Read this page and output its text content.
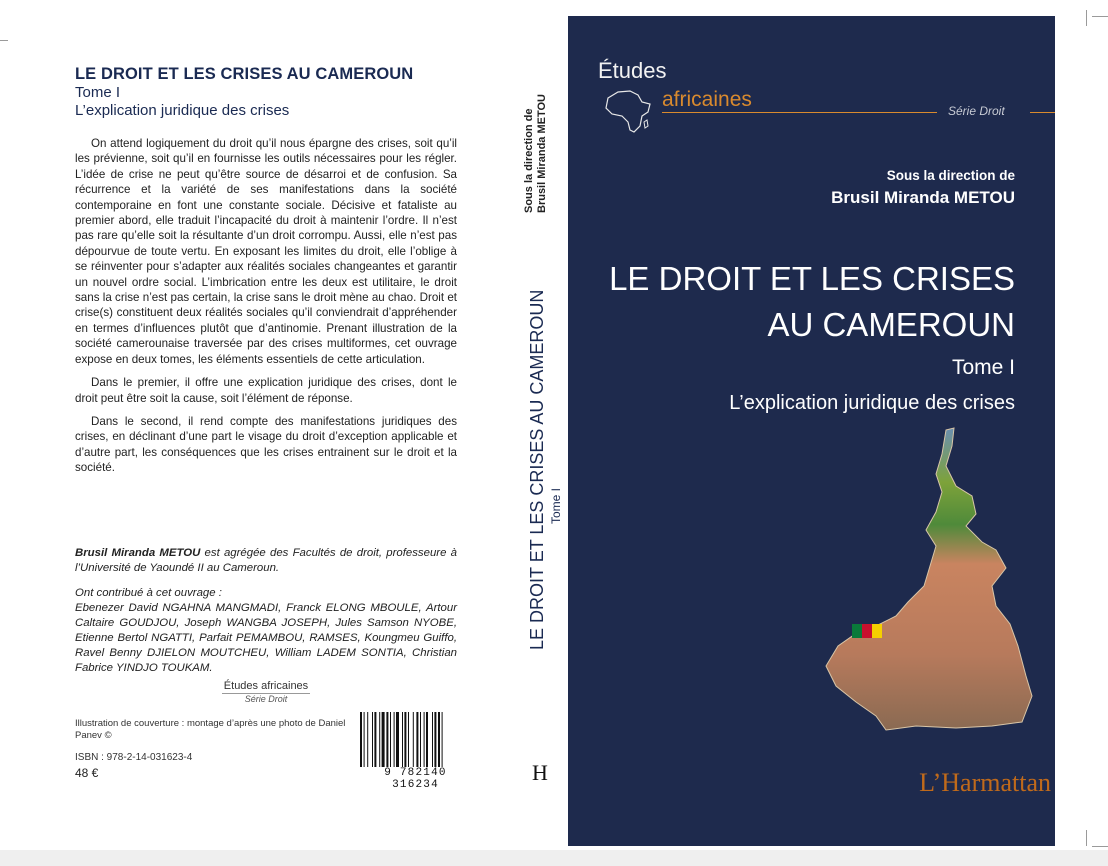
LE DROIT ET LES CRISES AU CAMEROUN
Tome I
L’explication juridique des crises

On attend logiquement du droit qu’il nous épargne des crises, soit qu’il les prévienne, soit qu’il en fournisse les outils nécessaires pour les régler. L’idée de crise ne peut qu’être source de désarroi et de confusion. Sa récurrence et la variété de ses manifestations dans la société contemporaine en font une constante sociale. Décisive et fataliste au premier abord, elle traduit l’incapacité du droit à maintenir l’ordre. Il n’est pas rare qu’elle soit la résultante d’un droit corrompu. Aussi, elle n’est pas dépourvue de toute vertu. En exposant les limites du droit, elle l’oblige à se réinventer pour s’adapter aux réalités sociales changeantes et garantir un nouvel ordre social. L’imbrication entre les deux est utilitaire, le droit sans la crise n’est pas certain, la crise sans le droit mène au chao. Droit et crise(s) constituent deux réalités sociales qu’il conviendrait d’appréhender en termes d’influences plutôt que d’antinomie. Prenant illustration de la société camerounaise traversée par des crises multiformes, cet ouvrage expose en deux tomes, les éléments essentiels de cette articulation.

Dans le premier, il offre une explication juridique des crises, dont le droit peut être soit la cause, soit l’élément de réponse.

Dans le second, il rend compte des manifestations juridiques des crises, en déclinant d’une part le visage du droit d’exception applicable et d’autre part, les conséquences que les crises entrainent sur le droit et la société.

Brusil Miranda METOU est agrégée des Facultés de droit, professeure à l’Université de Yaoundé II au Cameroun.
Ont contribué à cet ouvrage :
Ebenezer David NGAHNA MANGMADI, Franck ELONG MBOULE, Artour Caltaire GOUDJOU, Joseph WANGBA JOSEPH, Jules Samson NYOBE, Etienne Bertol NGATTI, Parfait PEMAMBOU, RAMSES, Koungmeu Guiffo, Ravel Benny DJIELON MOUTCHEU, William LADEM SONTIA, Christian Fabrice YINDJO TOUKAM.
Études africaines
Série Droit
Illustration de couverture : montage d’après une photo de Daniel Panev ©
ISBN : 978-2-14-031623-4
48 €	9 782140 316234
Sous la direction de Brusil Miranda METOU
LE DROIT ET LES CRISES AU CAMEROUN Tome I
H
Études
africaines	Série Droit
Sous la direction de
Brusil Miranda METOU
LE DROIT ET LES CRISES
AU CAMEROUN
Tome I
L’explication juridique des crises
L’Harmattan
